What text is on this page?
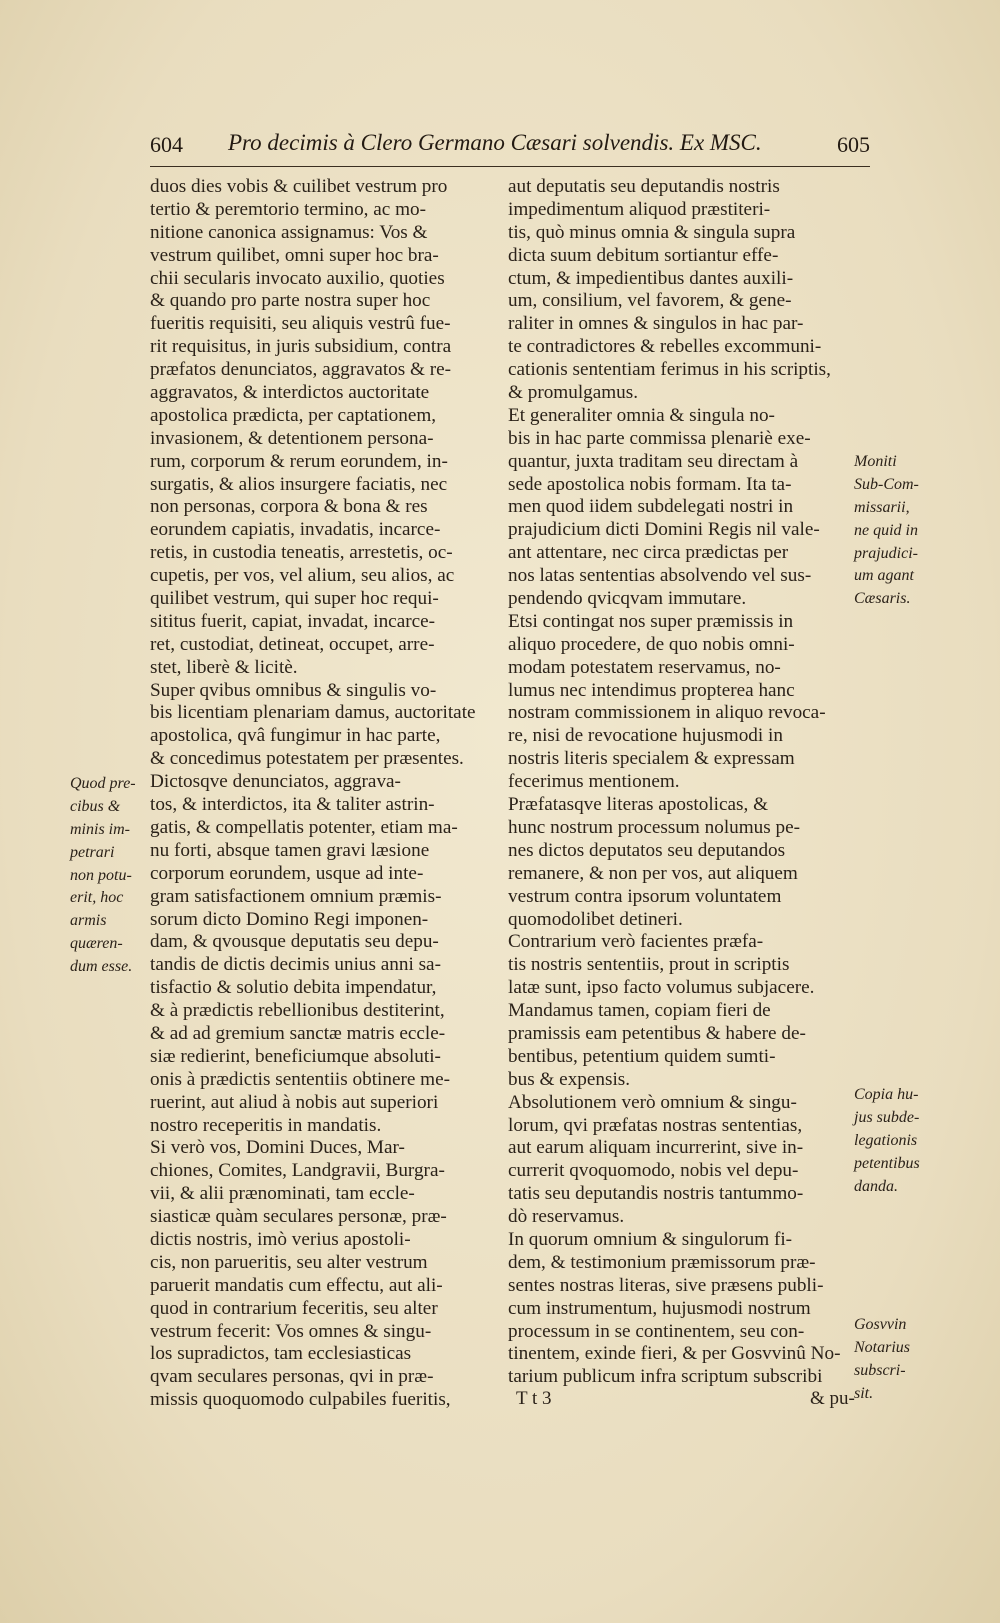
604 Pro decimis à Clero Germano Cæsari solvendis. Ex MSC.	605
duos dies vobis & cuilibet vestrum pro
tertio & peremtorio termino, ac mo-
nitione canonica assignamus: Vos &
vestrum quilibet, omni super hoc bra-
chii secularis invocato auxilio, quoties
& quando pro parte nostra super hoc
fueritis requisiti, seu aliquis vestrû fue-
rit requisitus, in juris subsidium, contra
præfatos denunciatos, aggravatos & re-
aggravatos, & interdictos auctoritate
apostolica prædicta, per captationem,
invasionem, & detentionem persona-
rum, corporum & rerum eorundem, in-
surgatis, & alios insurgere faciatis, nec
non personas, corpora & bona & res
eorundem capiatis, invadatis, incarce-
retis, in custodia teneatis, arrestetis, oc-
cupetis, per vos, vel alium, seu alios, ac
quilibet vestrum, qui super hoc requi-
sititus fuerit, capiat, invadat, incarce-
ret, custodiat, detineat, occupet, arre-
stet, liberè & licitè.
Super qvibus omnibus & singulis vo-
bis licentiam plenariam damus, auctoritate
apostolica, qvâ fungimur in hac parte,
& concedimus potestatem per præsentes.
Dictosqve denunciatos, aggrava-
tos, & interdictos, ita & taliter astrin-
gatis, & compellatis potenter, etiam ma-
nu forti, absque tamen gravi læsione
corporum eorundem, usque ad inte-
gram satisfactionem omnium præmis-
sorum dicto Domino Regi imponen-
dam, & qvousque deputatis seu depu-
tandis de dictis decimis unius anni sa-
tisfactio & solutio debita impendatur,
& à prædictis rebellionibus destiterint,
& ad ad gremium sanctæ matris eccle-
siæ redierint, beneficiumque absoluti-
onis à prædictis sententiis obtinere me-
ruerint, aut aliud à nobis aut superiori
nostro receperitis in mandatis.
Si verò vos, Domini Duces, Mar-
chiones, Comites, Landgravii, Burgra-
vii, & alii prænominati, tam eccle-
siasticæ quàm seculares personæ, præ-
dictis nostris, imò verius apostoli-
cis, non parueritis, seu alter vestrum
paruerit mandatis cum effectu, aut ali-
quod in contrarium feceritis, seu alter
vestrum fecerit: Vos omnes & singu-
los supradictos, tam ecclesiasticas
qvam seculares personas, qvi in præ-
missis quoquomodo culpabiles fueritis,
aut deputatis seu deputandis nostris
impedimentum aliquod præstiteri-
tis, quò minus omnia & singula supra
dicta suum debitum sortiantur effe-
ctum, & impedientibus dantes auxili-
um, consilium, vel favorem, & gene-
raliter in omnes & singulos in hac par-
te contradictores & rebelles excommuni-
cationis sententiam ferimus in his scriptis,
& promulgamus.
Et generaliter omnia & singula no-
bis in hac parte commissa plenariè exe-
quantur, juxta traditam seu directam à
sede apostolica nobis formam. Ita ta-
men quod iidem subdelegati nostri in
prajudicium dicti Domini Regis nil vale-
ant attentare, nec circa prædictas per
nos latas sententias absolvendo vel sus-
pendendo qvicqvam immutare.
Etsi contingat nos super præmissis in
aliquo procedere, de quo nobis omni-
modam potestatem reservamus, no-
lumus nec intendimus propterea hanc
nostram commissionem in aliquo revoca-
re, nisi de revocatione hujusmodi in
nostris literis specialem & expressam
fecerimus mentionem.
Præfatasqve literas apostolicas, &
hunc nostrum processum nolumus pe-
nes dictos deputatos seu deputandos
remanere, & non per vos, aut aliquem
vestrum contra ipsorum voluntatem
quomodolibet detineri.
Contrarium verò facientes præfa-
tis nostris sententiis, prout in scriptis
latæ sunt, ipso facto volumus subjacere.
Mandamus tamen, copiam fieri de
pramissis eam petentibus & habere de-
bentibus, petentium quidem sumti-
bus & expensis.
Absolutionem verò omnium & singu-
lorum, qvi præfatas nostras sententias,
aut earum aliquam incurrerint, sive in-
currerit qvoquomodo, nobis vel depu-
tatis seu deputandis nostris tantummo-
dò reservamus.
In quorum omnium & singulorum fi-
dem, & testimonium præmissorum præ-
sentes nostras literas, sive præsens publi-
cum instrumentum, hujusmodi nostrum
processum in se continentem, seu con-
tinentem, exinde fieri, & per Gosvvinû No-
tarium publicum infra scriptum subscribi
Quod pre-
cibus &
minis im-
petrari
non potu-
erit, hoc
armis
quæren-
dum esse.
Moniti
Sub-Com-
missarii,
ne quid in
prajudici-
um agant
Cæsaris.
Copia hu-
jus subde-
legationis
petentibus
danda.
Gosvvin
Notarius
subscri-
sit.
T t 3	& pu-
